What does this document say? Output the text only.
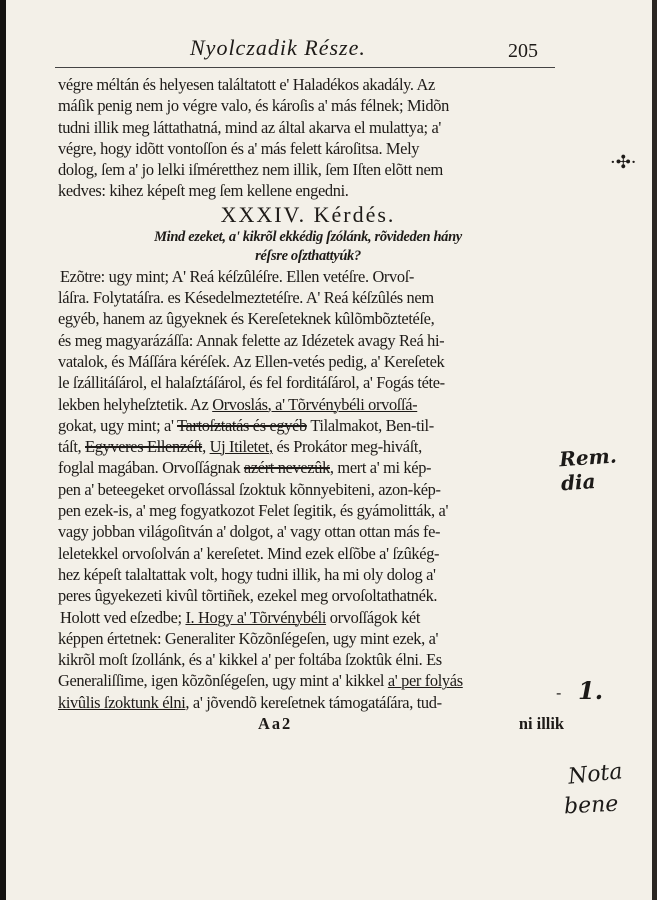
Nyolczadik Része.	205
végre méltán és helyesen találtatott e' Haladékos akadály. Az
máſik penig nem jo végre valo, és károſis a' más félnek; Midõn
tudni illik meg láttathatná, mind az által akarva el mulattya; a'
végre, hogy idõtt vontoſſon és a' más felett károſitsa. Mely
dolog, ſem a' jo lelki iſméretthez nem illik, ſem Iſten elõtt nem
kedves: kihez képeſt meg ſem kellene engedni.
XXXIV. Kérdés.
Mind ezeket, a' kikrõl ekkédig ſzólánk, rõvideden hány
réſsre oſzthattyúk?
Ezõtre: ugy mint; A' Reá kéſzûléſre. Ellen vetéſre. Orvoſ-
láſra. Folytatáſra. es Késedelmeztetéſre. A' Reá kéſzûlés nem
egyéb, hanem az ûgyeknek és Kereſeteknek kûlõmbõztetéſe,
és meg magyarázáſſa: Annak felette az Idézetek avagy Reá hi-
vatalok, és Máſſára kéréſek. Az Ellen-vetés pedig, a' Kereſetek
le ſzállitáſárol, el halaſztáſárol, és fel forditáſárol, a' Fogás téte-
lekben helyheſztetik. Az Orvoslás, a' Tõrvénybéli orvoſſá-
gokat, ugy mint; a' Tartoſztatás és egyéb Tilalmakot, Ben-til-
táſt, Egyveres Ellenzéſt, Uj Itiletet, és Prokátor meg-hiváſt,
foglal magában. Orvoſſágnak azért nevezûk, mert a' mi kép-
pen a' beteegeket orvoſlással ſzoktuk kõnnyebiteni, azon-kép-
pen ezek-is, a' meg fogyatkozot Felet ſegitik, és gyámolitták, a'
vagy jobban világoſitván a' dolgot, a' vagy ottan ottan más fe-
leletekkel orvoſolván a' kereſetet. Mind ezek elſõbe a' ſzûkég-
hez képeſt talaltattak volt, hogy tudni illik, ha mi oly dolog a'
peres ûgyekezeti kivûl tõrtiñek, ezekel meg orvoſoltathatnék.
Holott ved eſzedbe; I. Hogy a' Tõrvénybéli orvoſſágok két
képpen értetnek: Generaliter Kõzõnſégeſen, ugy mint ezek, a'
kikrõl moſt ſzollánk, és a' kikkel a' per foltába ſzoktûk élni. Es
Generaliſſime, igen kõzõnſégeſen, ugy mint a' kikkel a' per folyás
kivûlis ſzoktunk élni, a' jõvendõ kereſetnek támogatáſára, tud-
Aa2	ni illik
Rem. dia
1.
Nota
bene
·✣·
-
